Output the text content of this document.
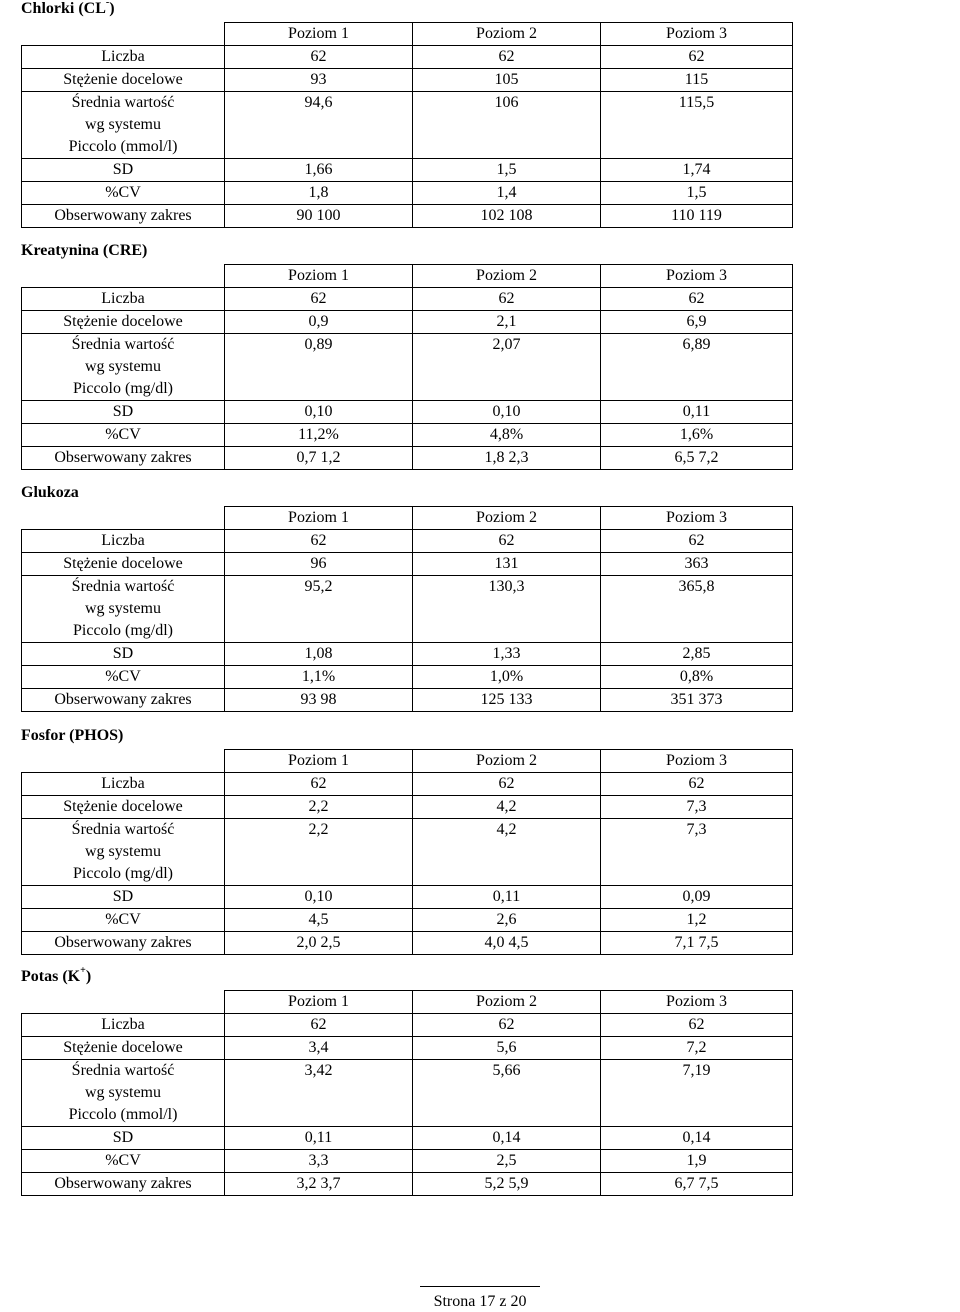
Chlorki (CL-)
	Poziom 1	Poziom 2	Poziom 3
Liczba	62	62	62
Stężenie docelowe	93	105	115

Średnia wartość
wg systemu
Piccolo (mmol/l)	94,6	106	115,5
SD	1,66	1,5	1,74
%CV	1,8	1,4	1,5
Obserwowany zakres	90 100	102 108	110 119
Kreatynina (CRE)
	Poziom 1	Poziom 2	Poziom 3
Liczba	62	62	62
Stężenie docelowe	0,9	2,1	6,9

Średnia wartość
wg systemu
Piccolo (mg/dl)	0,89	2,07	6,89
SD	0,10	0,10	0,11
%CV	11,2%	4,8%	1,6%
Obserwowany zakres	0,7 1,2	1,8 2,3	6,5 7,2
Glukoza
	Poziom 1	Poziom 2	Poziom 3
Liczba	62	62	62
Stężenie docelowe	96	131	363

Średnia wartość
wg systemu
Piccolo (mg/dl)	95,2	130,3	365,8
SD	1,08	1,33	2,85
%CV	1,1%	1,0%	0,8%
Obserwowany zakres	93 98	125 133	351 373
Fosfor (PHOS)
	Poziom 1	Poziom 2	Poziom 3
Liczba	62	62	62
Stężenie docelowe	2,2	4,2	7,3

Średnia wartość
wg systemu
Piccolo (mg/dl)	2,2	4,2	7,3
SD	0,10	0,11	0,09
%CV	4,5	2,6	1,2
Obserwowany zakres	2,0 2,5	4,0 4,5	7,1 7,5
Potas (K+)
	Poziom 1	Poziom 2	Poziom 3
Liczba	62	62	62
Stężenie docelowe	3,4	5,6	7,2

Średnia wartość
wg systemu
Piccolo (mmol/l)	3,42	5,66	7,19
SD	0,11	0,14	0,14
%CV	3,3	2,5	1,9
Obserwowany zakres	3,2 3,7	5,2 5,9	6,7 7,5
Strona 17 z 20
